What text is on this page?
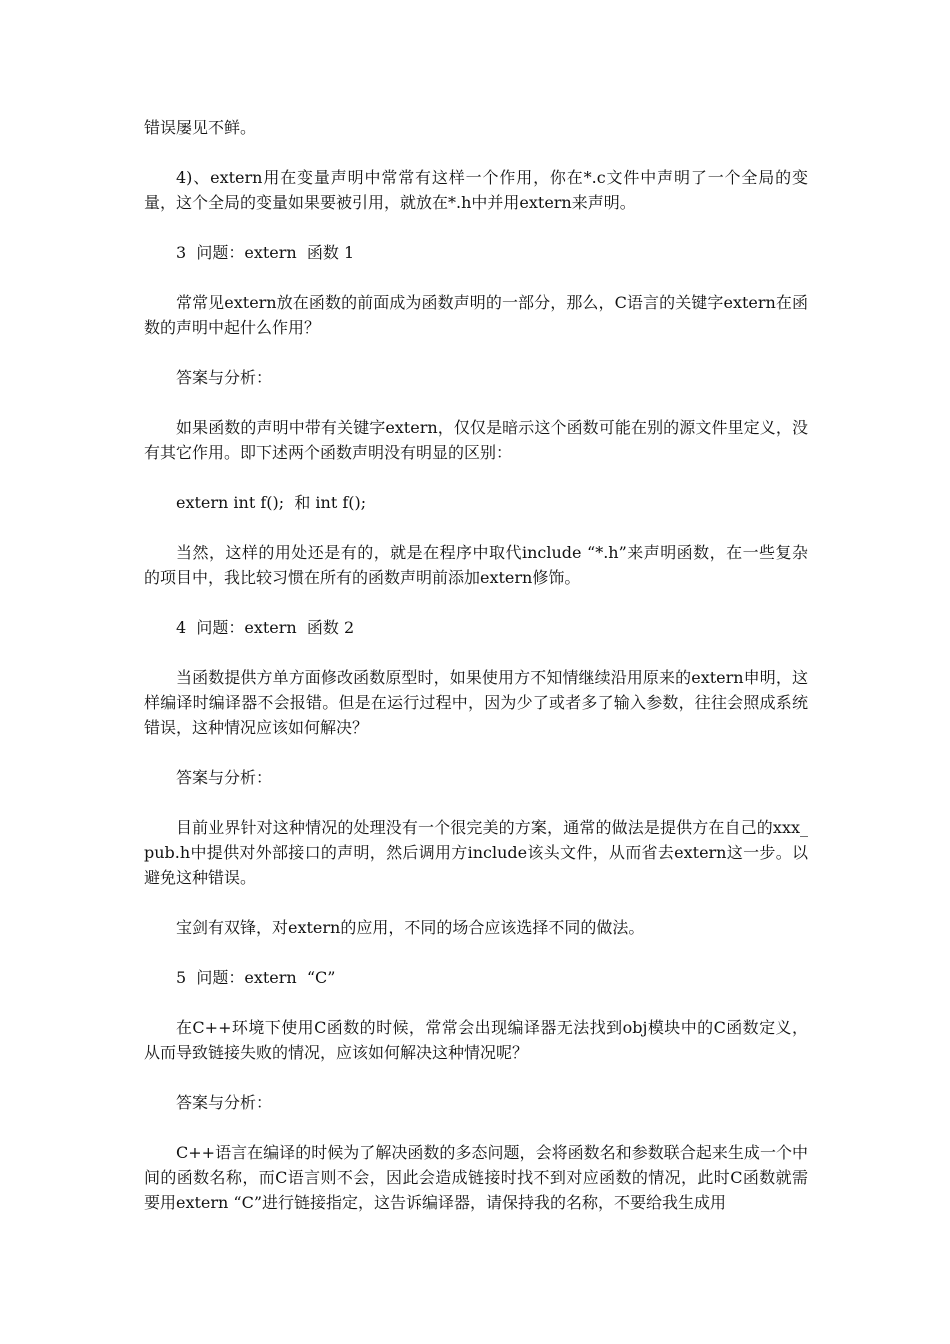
错误屡见不鲜。

4)、extern用在变量声明中常常有这样一个作用，你在*.c文件中声明了一个全局的变量，这个全局的变量如果要被引用，就放在*.h中并用extern来声明。

3  问题：extern  函数 1

常常见extern放在函数的前面成为函数声明的一部分，那么，C语言的关键字extern在函数的声明中起什么作用？

答案与分析：

如果函数的声明中带有关键字extern，仅仅是暗示这个函数可能在别的源文件里定义，没有其它作用。即下述两个函数声明没有明显的区别：

extern int f();  和 int f();

当然，这样的用处还是有的，就是在程序中取代include “*.h”来声明函数，在一些复杂的项目中，我比较习惯在所有的函数声明前添加extern修饰。

4  问题：extern  函数 2

当函数提供方单方面修改函数原型时，如果使用方不知情继续沿用原来的extern申明，这样编译时编译器不会报错。但是在运行过程中，因为少了或者多了输入参数，往往会照成系统错误，这种情况应该如何解决？

答案与分析：

目前业界针对这种情况的处理没有一个很完美的方案，通常的做法是提供方在自己的xxx_pub.h中提供对外部接口的声明，然后调用方include该头文件，从而省去extern这一步。以避免这种错误。

宝剑有双锋，对extern的应用，不同的场合应该选择不同的做法。

5  问题：extern  “C”

在C++环境下使用C函数的时候，常常会出现编译器无法找到obj模块中的C函数定义，从而导致链接失败的情况，应该如何解决这种情况呢？

答案与分析：

C++语言在编译的时候为了解决函数的多态问题，会将函数名和参数联合起来生成一个中间的函数名称，而C语言则不会，因此会造成链接时找不到对应函数的情况，此时C函数就需要用extern “C”进行链接指定，这告诉编译器，请保持我的名称，不要给我生成用
